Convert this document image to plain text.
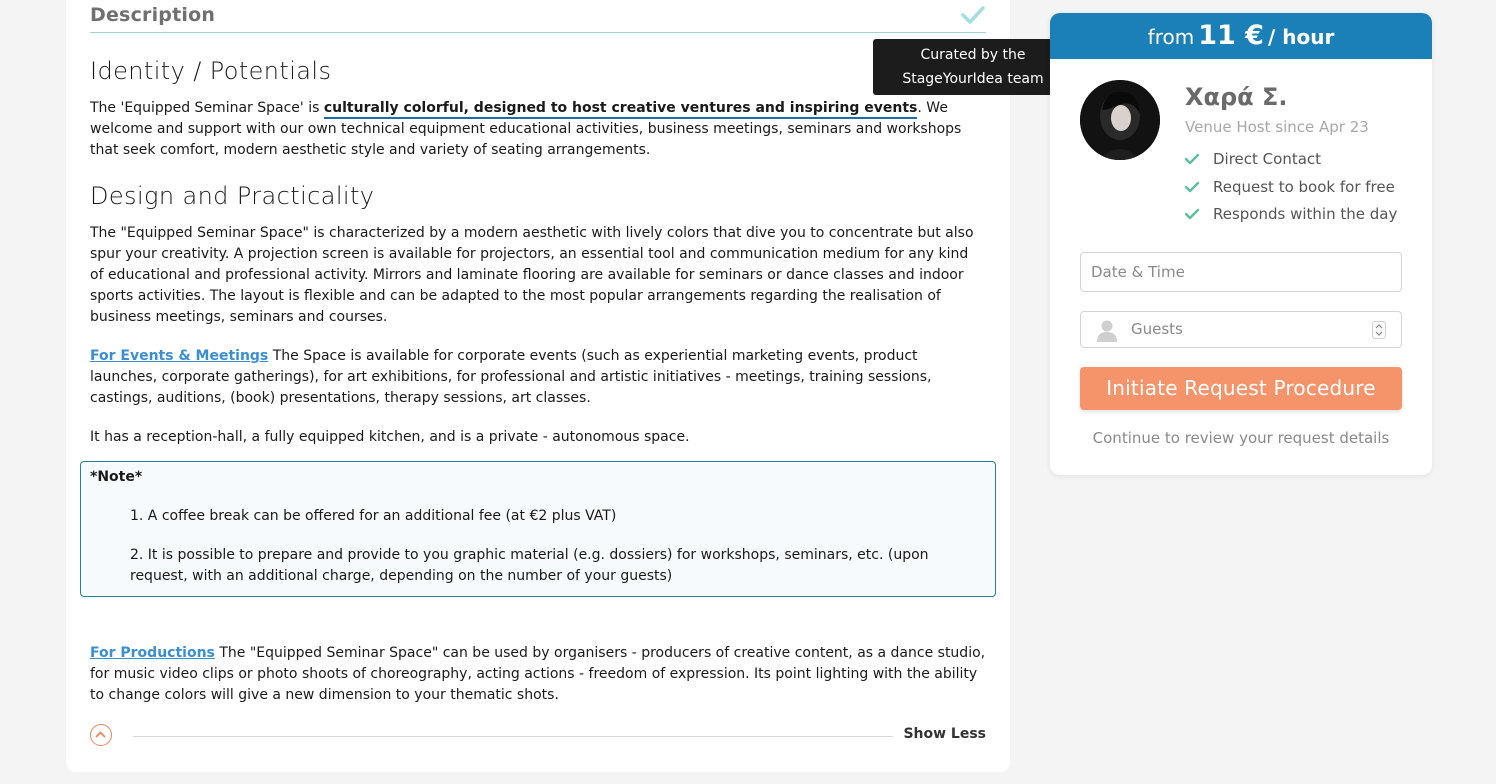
Description
Curated by the
StageYourIdea team
Identity / Potentials

The 'Equipped Seminar Space' is culturally colorful, designed to host creative ventures and inspiring events. We welcome and support with our own technical equipment educational activities, business meetings, seminars and workshops that seek comfort, modern aesthetic style and variety of seating arrangements.

Design and Practicality

The "Equipped Seminar Space" is characterized by a modern aesthetic with lively colors that dive you to concentrate but also spur your creativity. A projection screen is available for projectors, an essential tool and communication medium for any kind of educational and professional activity. Mirrors and laminate flooring are available for seminars or dance classes and indoor sports activities. The layout is flexible and can be adapted to the most popular arrangements regarding the realisation of business meetings, seminars and courses.

For Events & Meetings The Space is available for corporate events (such as experiential marketing events, product launches, corporate gatherings), for art exhibitions, for professional and artistic initiatives - meetings, training sessions, castings, auditions, (book) presentations, therapy sessions, art classes.

It has a reception-hall, a fully equipped kitchen, and is a private - autonomous space.

*Note*
1. A coffee break can be offered for an additional fee (at €2 plus VAT)
2. It is possible to prepare and provide to you graphic material (e.g. dossiers) for workshops, seminars, etc. (upon request, with an additional charge, depending on the number of your guests)

For Productions The "Equipped Seminar Space" can be used by organisers - producers of creative content, as a dance studio, for music video clips or photo shoots of choreography, acting actions - freedom of expression. Its point lighting with the ability to change colors will give a new dimension to your thematic shots.

Show Less
from 11 € / hour
Χαρά Σ.
Venue Host since Apr 23
Direct Contact
Request to book for free
Responds within the day
Date & Time
Guests
Initiate Request Procedure
Continue to review your request details
